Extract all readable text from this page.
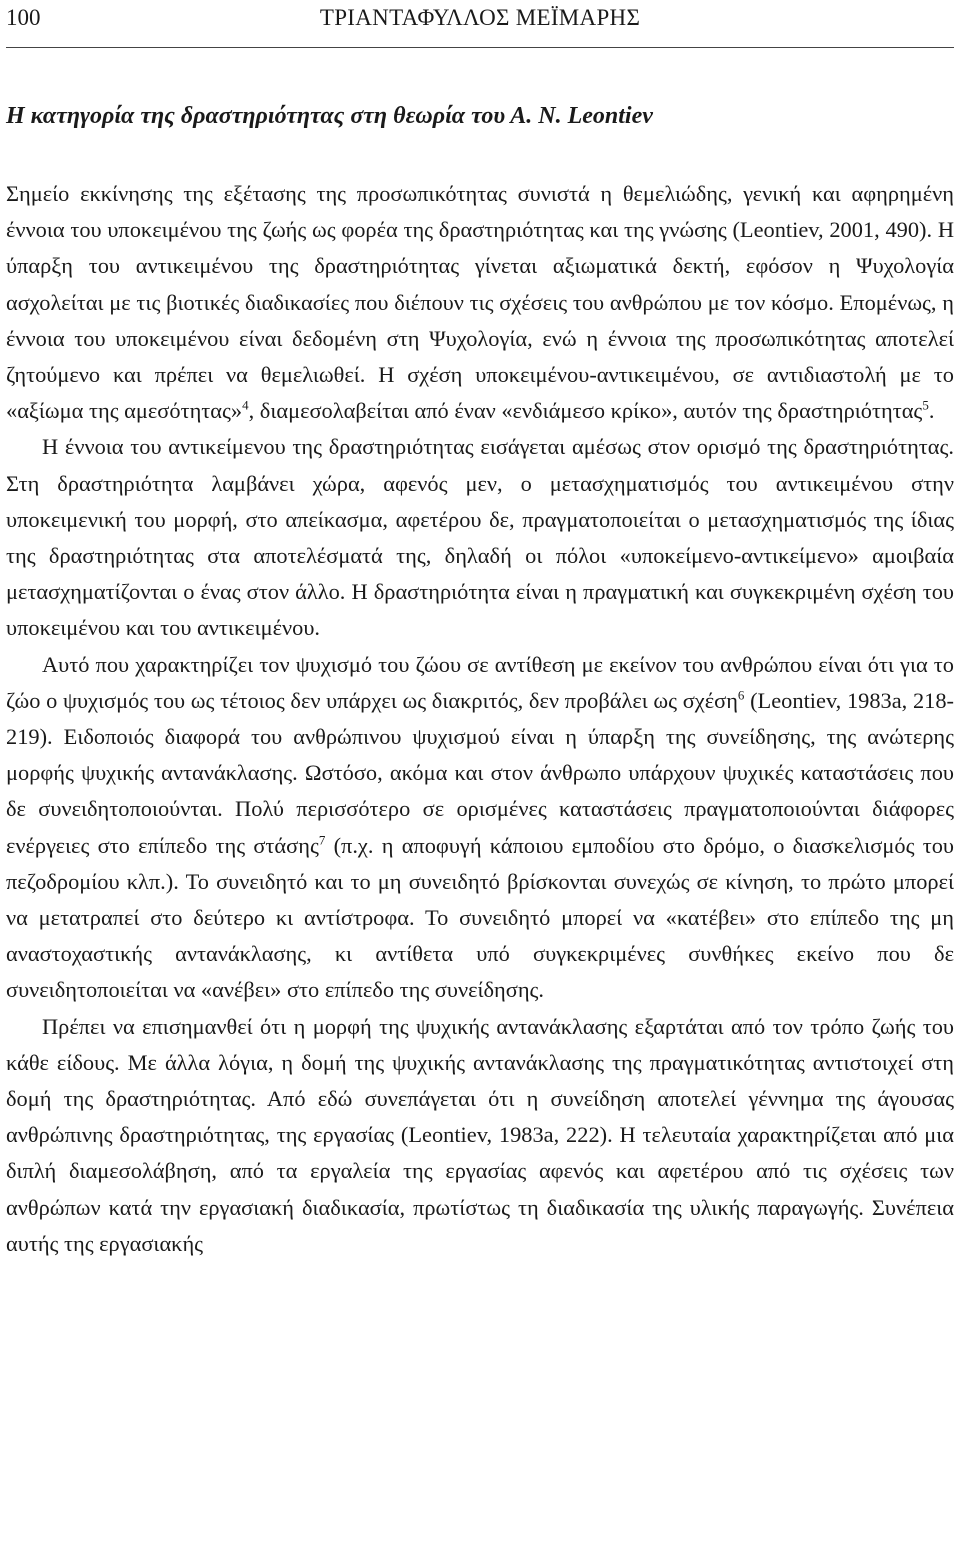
100	ΤΡΙΑΝΤΑΦΥΛΛΟΣ ΜΕΪΜΑΡΗΣ
Η κατηγορία της δραστηριότητας στη θεωρία του Α. Ν. Leontiev

Σημείο εκκίνησης της εξέτασης της προσωπικότητας συνιστά η θεμελιώδης, γενική και αφηρημένη έννοια του υποκειμένου της ζωής ως φορέα της δραστηριότητας και της γνώσης (Leontiev, 2001, 490). Η ύπαρξη του αντικειμένου της δραστηριότητας γίνεται αξιωματικά δεκτή, εφόσον η Ψυχολογία ασχολείται με τις βιοτικές διαδικασίες που διέπουν τις σχέσεις του ανθρώπου με τον κόσμο. Επομένως, η έννοια του υποκειμένου είναι δεδομένη στη Ψυχολογία, ενώ η έννοια της προσωπικότητας αποτελεί ζητούμενο και πρέπει να θεμελιωθεί. Η σχέση υποκειμένου-αντικειμένου, σε αντιδιαστολή με το «αξίωμα της αμεσότητας»$^4$, διαμεσολαβείται από έναν «ενδιάμεσο κρίκο», αυτόν της δραστηριότητας$^5$.

Η έννοια του αντικείμενου της δραστηριότητας εισάγεται αμέσως στον ορισμό της δραστηριότητας. Στη δραστηριότητα λαμβάνει χώρα, αφενός μεν, ο μετασχηματισμός του αντικειμένου στην υποκειμενική του μορφή, στο απείκασμα, αφετέρου δε, πραγματοποιείται ο μετασχηματισμός της ίδιας της δραστηριότητας στα αποτελέσματά της, δηλαδή οι πόλοι «υποκείμενο-αντικείμενο» αμοιβαία μετασχηματίζονται ο ένας στον άλλο. Η δραστηριότητα είναι η πραγματική και συγκεκριμένη σχέση του υποκειμένου και του αντικειμένου.

Αυτό που χαρακτηρίζει τον ψυχισμό του ζώου σε αντίθεση με εκείνον του ανθρώπου είναι ότι για το ζώο ο ψυχισμός του ως τέτοιος δεν υπάρχει ως διακριτός, δεν προβάλει ως σχέση$^6$ (Leontiev, 1983a, 218-219). Ειδοποιός διαφορά του ανθρώπινου ψυχισμού είναι η ύπαρξη της συνείδησης, της ανώτερης μορφής ψυχικής αντανάκλασης. Ωστόσο, ακόμα και στον άνθρωπο υπάρχουν ψυχικές καταστάσεις που δε συνειδητοποιούνται. Πολύ περισσότερο σε ορισμένες καταστάσεις πραγματοποιούνται διάφορες ενέργειες στο επίπεδο της στάσης$^7$ (π.χ. η αποφυγή κάποιου εμποδίου στο δρόμο, ο διασκελισμός του πεζοδρομίου κλπ.). Το συνειδητό και το μη συνειδητό βρίσκονται συνεχώς σε κίνηση, το πρώτο μπορεί να μετατραπεί στο δεύτερο κι αντίστροφα. Το συνειδητό μπορεί να «κατέβει» στο επίπεδο της μη αναστοχαστικής αντανάκλασης, κι αντίθετα υπό συγκεκριμένες συνθήκες εκείνο που δε συνειδητοποιείται να «ανέβει» στο επίπεδο της συνείδησης.

Πρέπει να επισημανθεί ότι η μορφή της ψυχικής αντανάκλασης εξαρτάται από τον τρόπο ζωής του κάθε είδους. Με άλλα λόγια, η δομή της ψυχικής αντανάκλασης της πραγματικότητας αντιστοιχεί στη δομή της δραστηριότητας. Από εδώ συνεπάγεται ότι η συνείδηση αποτελεί γέννημα της άγουσας ανθρώπινης δραστηριότητας, της εργασίας (Leontiev, 1983a, 222). Η τελευταία χαρακτηρίζεται από μια διπλή διαμεσολάβηση, από τα εργαλεία της εργασίας αφενός και αφετέρου από τις σχέσεις των ανθρώπων κατά την εργασιακή διαδικασία, πρωτίστως τη διαδικασία της υλικής παραγωγής. Συνέπεια αυτής της εργασιακής
